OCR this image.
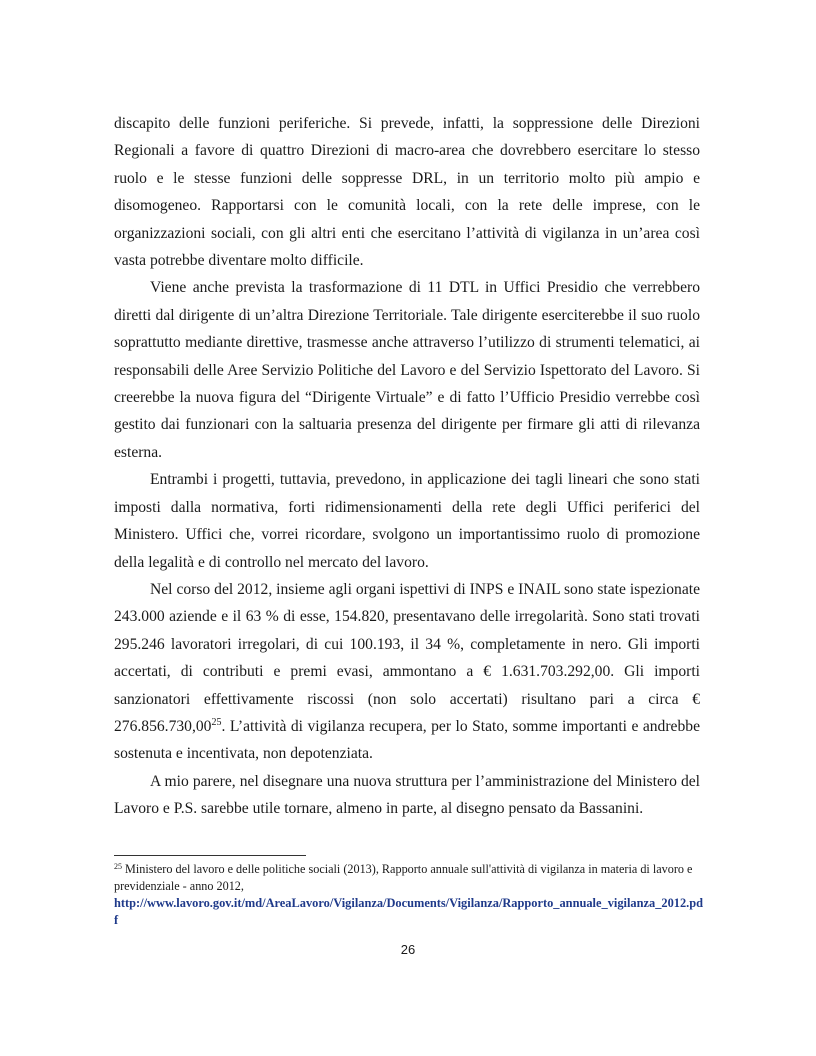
discapito delle funzioni periferiche. Si prevede, infatti, la soppressione delle Direzioni Regionali a favore di quattro Direzioni di macro-area che dovrebbero esercitare lo stesso ruolo e le stesse funzioni delle soppresse DRL, in un territorio molto più ampio e disomogeneo. Rapportarsi con le comunità locali, con la rete delle imprese, con le organizzazioni sociali, con gli altri enti che esercitano l’attività di vigilanza in un’area così vasta potrebbe diventare molto difficile.

Viene anche prevista la trasformazione di 11 DTL in Uffici Presidio che verrebbero diretti dal dirigente di un’altra Direzione Territoriale. Tale dirigente eserciterebbe il suo ruolo soprattutto mediante direttive, trasmesse anche attraverso l’utilizzo di strumenti telematici, ai responsabili delle Aree Servizio Politiche del Lavoro e del Servizio Ispettorato del Lavoro. Si creerebbe la nuova figura del “Dirigente Virtuale” e di fatto l’Ufficio Presidio verrebbe così gestito dai funzionari con la saltuaria presenza del dirigente per firmare gli atti di rilevanza esterna.

Entrambi i progetti, tuttavia, prevedono, in applicazione dei tagli lineari che sono stati imposti dalla normativa, forti ridimensionamenti della rete degli Uffici periferici del Ministero. Uffici che, vorrei ricordare, svolgono un importantissimo ruolo di promozione della legalità e di controllo nel mercato del lavoro.

Nel corso del 2012, insieme agli organi ispettivi di INPS e INAIL sono state ispezionate 243.000 aziende e il 63 % di esse, 154.820, presentavano delle irregolarità. Sono stati trovati 295.246 lavoratori irregolari, di cui 100.193, il 34 %, completamente in nero. Gli importi accertati, di contributi e premi evasi, ammontano a € 1.631.703.292,00. Gli importi sanzionatori effettivamente riscossi (non solo accertati) risultano pari a circa € 276.856.730,00$^{25}$. L’attività di vigilanza recupera, per lo Stato, somme importanti e andrebbe sostenuta e incentivata, non depotenziata.

A mio parere, nel disegnare una nuova struttura per l’amministrazione del Ministero del Lavoro e P.S. sarebbe utile tornare, almeno in parte, al disegno pensato da Bassanini.

$^{25}$ Ministero del lavoro e delle politiche sociali (2013), Rapporto annuale sull'attività di vigilanza in materia di lavoro e previdenziale - anno 2012,
http://www.lavoro.gov.it/md/AreaLavoro/Vigilanza/Documents/Vigilanza/Rapporto_annuale_vigilanza_2012.pdf
26
